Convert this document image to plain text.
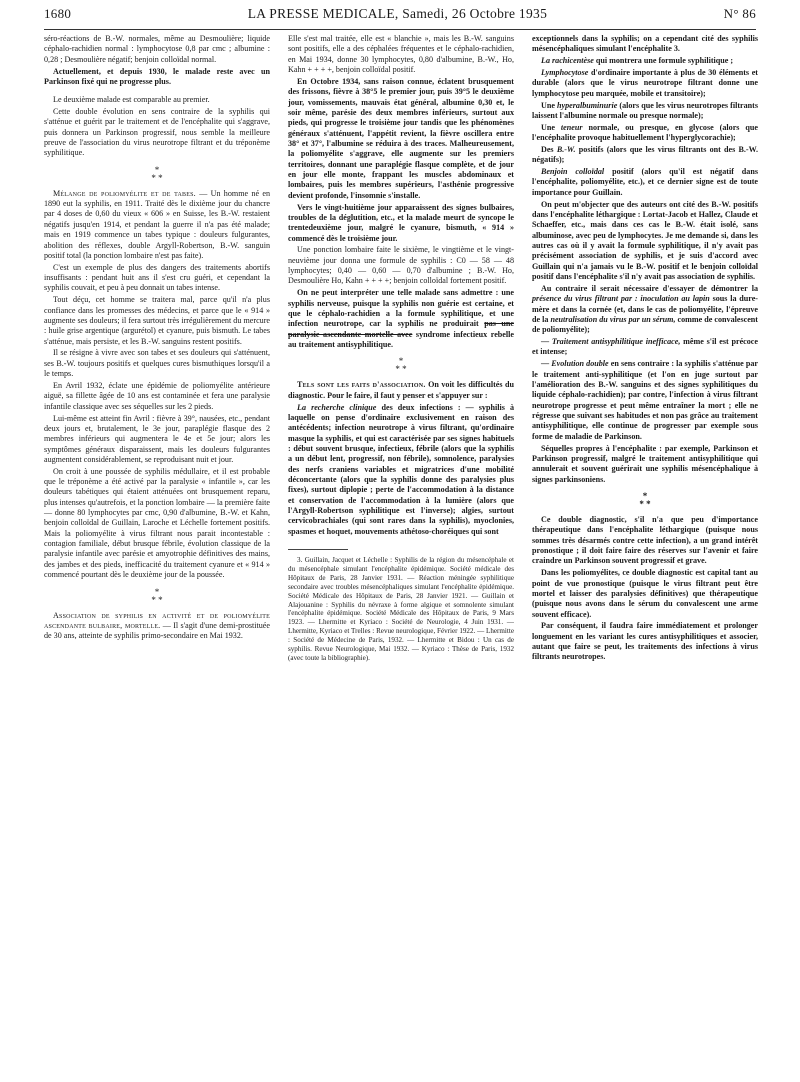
1680	LA PRESSE MEDICALE, Samedi, 26 Octobre 1935	N° 86

séro-réactions de B.-W. normales, même au Desmoulière; liquide céphalo-rachidien normal : lymphocytose 0,8 par cmc ; albumine : 0,28 ; Desmoulière négatif; benjoin colloïdal normal.

Actuellement, et depuis 1930, le malade reste avec un Parkinson fixé qui ne progresse plus.

Le deuxième malade est comparable au premier.

Cette double évolution en sens contraire de la syphilis qui s'atténue et guérit par le traitement et de l'encéphalite qui s'aggrave, puis donnera un Parkinson progressif, nous semble la meilleure preuve de l'association du virus neurotrope filtrant et du tréponème syphilitique.

*
* *

Mélange de poliomyélite et de tabes. — Un homme né en 1890 eut la syphilis, en 1911. Traité dès le dixième jour du chancre par 4 doses de 0,60 du vieux « 606 » en Suisse, les B.-W. restaient négatifs jusqu'en 1914, et pendant la guerre il n'a pas été malade; mais en 1919 commence un tabes typique : douleurs fulgurantes, abolition des réflexes, double Argyll-Robertson, B.-W. sanguin positif total (la ponction lombaire n'est pas faite).

C'est un exemple de plus des dangers des traitements abortifs insuffisants : pendant huit ans il s'est cru guéri, et cependant la syphilis couvait, et peu à peu donnait un tabes intense.

Tout déçu, cet homme se traitera mal, parce qu'il n'a plus confiance dans les promesses des médecins, et parce que le « 914 » augmente ses douleurs; il fera surtout très irrégulièrement du mercure : huile grise argentique (argurétol) et cyanure, puis bismuth. Le tabes s'atténue, mais persiste, et les B.-W. sanguins restent positifs.

Il se résigne à vivre avec son tabes et ses douleurs qui s'atténuent, ses B.-W. toujours positifs et quelques cures bismuthiques lorsqu'il a le temps.

En Avril 1932, éclate une épidémie de poliomyélite antérieure aiguë, sa fillette âgée de 10 ans est contaminée et fera une paralysie infantile classique avec ses séquelles sur les 2 pieds.

Lui-même est atteint fin Avril : fièvre à 39°, nausées, etc., pendant deux jours et, brutalement, le 3e jour, paraplégie flasque des 2 membres inférieurs qui augmentera le 4e et 5e jour; alors les symptômes généraux disparaissent, mais les douleurs fulgurantes augmentent considérablement, se reproduisant nuit et jour.

On croit à une poussée de syphilis médullaire, et il est probable que le tréponème a été activé par la paralysie « infantile », car les douleurs tabétiques qui étaient atténuées ont brusquement reparu, plus intenses qu'autrefois, et la ponction lombaire — la première faite — donne 80 lymphocytes par cmc, 0,90 d'albumine, B.-W. et Kahn, benjoin colloïdal de Guillain, Laroche et Léchelle fortement positifs. Mais la poliomyélite à virus filtrant nous parait incontestable : contagion familiale, début brusque fébrile, évolution classique de la paralysie infantile avec parésie et amyotrophie définitives des mains, des jambes et des pieds, inefficacité du traitement cyanure et « 914 » commencé pourtant dès le deuxième jour de la poussée.

*
* *

Association de syphilis en activité et de poliomyélite ascendante bulbaire, mortelle. — Il s'agit d'une demi-prostituée de 30 ans, atteinte de syphilis primo-secondaire en Mai 1932.

Elle s'est mal traitée, elle est « blanchie », mais les B.-W. sanguins sont positifs, elle a des céphalées fréquentes et le céphalo-rachidien, en Mai 1934, donne 30 lymphocytes, 0,80 d'albumine, B.-W., Ho, Kahn + + + +, benjoin colloïdal positif.

En Octobre 1934, sans raison connue, éclatent brusquement des frissons, fièvre à 38°5 le premier jour, puis 39°5 le deuxième jour, vomissements, mauvais état général, albumine 0,30 et, le soir même, parésie des deux membres inférieurs, surtout aux pieds, qui progresse le troisième jour tandis que les phénomènes généraux s'atténuent, l'appétit revient, la fièvre oscillera entre 38° et 37°, l'albumine se réduira à des traces. Malheureusement, la poliomyélite s'aggrave, elle augmente sur les premiers territoires, donnant une paraplégie flasque complète, et de jour en jour elle monte, frappant les muscles abdominaux et lombaires, puis les membres supérieurs, l'asthénie progressive devient profonde, l'insomnie s'installe.

Vers le vingt-huitième jour apparaissent des signes bulbaires, troubles de la déglutition, etc., et la malade meurt de syncope le trentedeuxième jour, malgré le cyanure, bismuth, « 914 » commencé dès le troisième jour.

Une ponction lombaire faite le sixième, le vingtième et le vingt-neuvième jour donna une formule de syphilis : C0 — 58 — 48 lymphocytes; 0,40 — 0,60 — 0,70 d'albumine ; B.-W. Ho, Desmoulière Ho, Kahn + + + +; benjoin colloïdal fortement positif.

On ne peut interpréter une telle malade sans admettre : une syphilis nerveuse, puisque la syphilis non guérie est certaine, et que le céphalo-rachidien a la formule syphilitique, et une infection neurotrope, car la syphilis ne produirait pas une paralysie ascendante mortelle avec syndrome infectieux rebelle au traitement antisyphilitique.

*
* *

Tels sont les faits d'association. On voit les difficultés du diagnostic. Pour le faire, il faut y penser et s'appuyer sur :

La recherche clinique des deux infections : — syphilis à laquelle on pense d'ordinaire exclusivement en raison des antécédents; infection neurotrope à virus filtrant, qu'ordinaire masque la syphilis, et qui est caractérisée par ses signes habituels : début souvent brusque, infectieux, fébrile (alors que la syphilis a un début lent, progressif, non fébrile), somnolence, paralysies des nerfs craniens variables et migratrices d'une mobilité déconcertante (alors que la syphilis donne des paralysies plus fixes), surtout diplopie ; perte de l'accommodation à la distance et conservation de l'accommodation à la lumière (alors que l'Argyll-Robertson syphilitique est l'inverse); algies, surtout cervicobrachiales (qui sont rares dans la syphilis), myoclonies, spasmes et hoquet, mouvements athétoso-choréiques qui sont

3. Guillain, Jacquet et Léchelle : Syphilis de la région du mésencéphale et du mésencéphale simulant l'encéphalite épidémique. Société médicale des Hôpitaux de Paris, 28 Janvier 1931. — Réaction méningée syphilitique secondaire avec troubles mésencéphaliques simulant l'encéphalite épidémique. Société Médicale des Hôpitaux de Paris, 28 Janvier 1921. — Guillain et Alajouanine : Syphilis du névraxe à forme algique et somnolente simulant l'encéphalite épidémique. Société Médicale des Hôpitaux de Paris, 9 Mars 1923. — Lhermitte et Kyriaco : Société de Neurologie, 4 Juin 1931. — Lhermitte, Kyriaco et Trelles : Revue neurologique, Février 1922. — Lhermitte : Société de Médecine de Paris, 1932. — Lhermitte et Bidou : Un cas de syphilis. Revue Neurologique, Mai 1932. — Kyriaco : Thèse de Paris, 1932 (avec toute la bibliographie).

exceptionnels dans la syphilis; on a cependant cité des syphilis mésencéphaliques simulant l'encéphalite 3.

La rachicentèse qui montrera une formule syphilitique ;

Lymphocytose d'ordinaire importante à plus de 30 éléments et durable (alors que le virus neurotrope filtrant donne une lymphocytose peu marquée, mobile et transitoire);

Une hyperalbuminurie (alors que les virus neurotropes filtrants laissent l'albumine normale ou presque normale);

Une teneur normale, ou presque, en glycose (alors que l'encéphalite provoque habituellement l'hyperglycorachie);

Des B.-W. positifs (alors que les virus filtrants ont des B.-W. négatifs);

Benjoin colloïdal positif (alors qu'il est négatif dans l'encéphalite, poliomyélite, etc.), et ce dernier signe est de toute importance pour Guillain.

On peut m'objecter que des auteurs ont cité des B.-W. positifs dans l'encéphalite léthargique : Lortat-Jacob et Hallez, Claude et Schaeffer, etc., mais dans ces cas le B.-W. était isolé, sans albuminose, avec peu de lymphocytes. Je me demande si, dans les autres cas où il y avait la formule syphilitique, il n'y avait pas précisément association de syphilis, et je suis d'accord avec Guillain qui n'a jamais vu le B.-W. positif et le benjoin colloïdal positif dans l'encéphalite s'il n'y avait pas association de syphilis.

Au contraire il serait nécessaire d'essayer de démontrer la présence du virus filtrant par : inoculation au lapin sous la dure-mère et dans la cornée (et, dans le cas de poliomyélite, l'épreuve de la neutralisation du virus par un sérum, comme de convalescent de poliomyélite);

— Traitement antisyphilitique inefficace, même s'il est précoce et intense;

— Evolution double en sens contraire : la syphilis s'atténue par le traitement anti-syphilitique (et l'on en juge surtout par l'amélioration des B.-W. sanguins et des signes syphilitiques du liquide céphalo-rachidien); par contre, l'infection à virus filtrant neurotrope progresse et peut même entraîner la mort ; elle ne régresse que suivant ses habitudes et non pas grâce au traitement antisyphilitique, elle continue de progresser par exemple sous forme de maladie de Parkinson.

Séquelles propres à l'encéphalite : par exemple, Parkinson et Parkinson progressif, malgré le traitement antisyphilitique qui annulerait et souvent guérirait une syphilis mésencéphalique à signes parkinsoniens.

*
* *

Ce double diagnostic, s'il n'a que peu d'importance thérapeutique dans l'encéphalite léthargique (puisque nous sommes très désarmés contre cette infection), a un grand intérêt pronostique ; il doit faire faire des réserves sur l'avenir et faire craindre un Parkinson souvent progressif et grave.

Dans les poliomyélites, ce double diagnostic est capital tant au point de vue pronostique (puisque le virus filtrant peut être mortel et laisser des paralysies définitives) que thérapeutique (puisque nous avons dans le sérum du convalescent une arme souvent efficace).

Par conséquent, il faudra faire immédiatement et prolonger longuement en les variant les cures antisyphilitiques et associer, autant que faire se peut, les traitements des infections à virus filtrants neurotropes.
